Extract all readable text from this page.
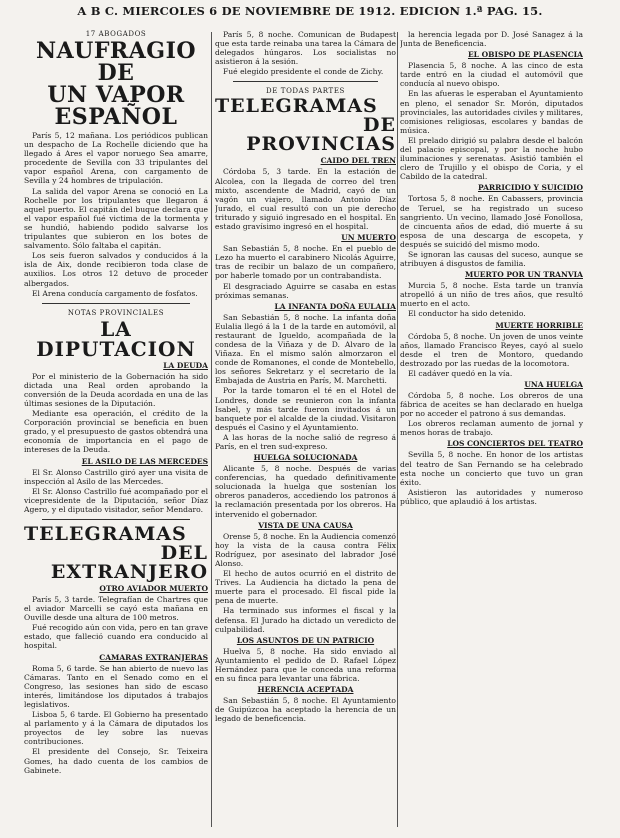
A B C. MIERCOLES 6 DE NOVIEMBRE DE 1912. EDICION 1.ª PAG. 15.
17 ABOGADOS
NAUFRAGIO DE
UN VAPOR ESPAÑOL
París 5, 12 mañana. Los periódicos publican un despacho de La Rochelle diciendo que ha llegado á Ares el vapor noruego Sea amarre, procedente de Sevilla con 33 tripulantes del vapor español Arena, con cargamento de Sevilla y 24 hombres de tripulación.
La salida del vapor Arena se conoció en La Rochelle por los tripulantes que llegaron á aquel puerto. El capitán del buque declara que el vapor español fué victima de la tormenta y se hundió, habiendo podido salvarse los tripulantes que subieron en los botes de salvamento. Sólo faltaba el capitán.
Los seis fueron salvados y conducidos á la isla de Aix, donde recibieron toda clase de auxilios. Los otros 12 detuvo de proceder albergados.
El Arena conducía cargamento de fosfatos.
NOTAS PROVINCIALES
LA DIPUTACION
LA DEUDA
Por el ministerio de la Gobernación ha sido dictada una Real orden aprobando la conversión de la Deuda acordada en una de las últimas sesiones de la Diputación.
Mediante esa operación, el crédito de la Corporación provincial se beneficia en buen grado, y el presupuesto de gastos obtendrá una economía de importancia en el pago de intereses de la Deuda.
EL ASILO DE LAS MERCEDES
El Sr. Alonso Castrillo giró ayer una visita de inspección al Asilo de las Mercedes.
El Sr. Alonso Castrillo fué acompañado por el vicepresidente de la Diputación, señor Díaz Agero, y el diputado visitador, señor Mendaro.
TELEGRAMAS
DEL EXTRANJERO
OTRO AVIADOR MUERTO
París 5, 3 tarde. Telegrafían de Chartres que el aviador Marcelli se cayó esta mañana en Ouville desde una altura de 100 metros.
Fué recogido aún con vida, pero en tan grave estado, que falleció cuando era conducido al hospital.
CAMARAS EXTRANJERAS
Roma 5, 6 tarde. Se han abierto de nuevo las Cámaras. Tanto en el Senado como en el Congreso, las sesiones han sido de escaso interés, limitándose los diputados á trabajos legislativos.
Lisboa 5, 6 tarde. El Gobierno ha presentado al parlamento y á la Cámara de diputados los proyectos de ley sobre las nuevas contribuciones.
El presidente del Consejo, Sr. Teixeira Gomes, ha dado cuenta de los cambios de Gabinete.
París 5, 8 noche. Comunican de Budapest que esta tarde reinaba una tarea la Cámara de delegados húngaros. Los socialistas no asistieron á la sesión.
Fué elegido presidente el conde de Zichy.
DE TODAS PARTES
TELEGRAMAS
DE PROVINCIAS
CAIDO DEL TREN
Córdoba 5, 3 tarde. En la estación de Alcolea, con la llegada de correo del tren mixto, ascendente de Madrid, cayó de un vagón un viajero, llamado Antonio Díaz Jurado, el cual resultó con un pie derecho triturado y siguió ingresado en el hospital. En estado gravísimo ingresó en el hospital.
UN MUERTO
San Sebastián 5, 8 noche. En el pueblo de Lezo ha muerto el carabinero Nicolás Aguirre, tras de recibir un balazo de un compañero, por haberle tomado por un contrabandista.
El desgraciado Aguirre se casaba en estas próximas semanas.
LA INFANTA DOÑA EULALIA
San Sebastián 5, 8 noche. La infanta doña Eulalia llegó á la 1 de la tarde en automóvil, al restaurant de Igueldo, acompañada de la condesa de la Viñaza y de D. Alvaro de la Viñaza. En el mismo salón almorzaron el conde de Romanones, el conde de Montebello, los señores Sekretarz y el secretario de la Embajada de Austria en París, M. Marchetti.
Por la tarde tomaron el té en el Hotel de Londres, donde se reunieron con la infanta Isabel, y más tarde fueron invitados á un banquete por el alcalde de la ciudad. Visitaron después el Casino y el Ayuntamiento.
A las horas de la noche salió de regreso á París, en el tren sud-expreso.
HUELGA SOLUCIONADA
Alicante 5, 8 noche. Después de varias conferencias, ha quedado definitivamente solucionada la huelga que sostenían los obreros panaderos, accediendo los patronos á la reclamación presentada por los obreros. Ha intervenido el gobernador.
VISTA DE UNA CAUSA
Orense 5, 8 noche. En la Audiencia comenzó hoy la vista de la causa contra Félix Rodríguez, por asesinato del labrador José Alonso.
El hecho de autos ocurrió en el distrito de Trives. La Audiencia ha dictado la pena de muerte para el procesado. El fiscal pide la pena de muerte.
Ha terminado sus informes el fiscal y la defensa. El Jurado ha dictado un veredicto de culpabilidad.
LOS ASUNTOS DE UN PATRICIO
Huelva 5, 8 noche. Ha sido enviado al Ayuntamiento el pedido de D. Rafael López Hernández para que le conceda una reforma en su finca para levantar una fábrica.
HERENCIA ACEPTADA
San Sebastián 5, 8 noche. El Ayuntamiento de Guipúzcoa ha aceptado la herencia de un legado de beneficencia.
la herencia legada por D. José Sanagez á la Junta de Beneficencia.
EL OBISPO DE PLASENCIA
Plasencia 5, 8 noche. A las cinco de esta tarde entró en la ciudad el automóvil que conducía al nuevo obispo.
En las afueras le esperaban el Ayuntamiento en pleno, el senador Sr. Morón, diputados provinciales, las autoridades civiles y militares, comisiones religiosas, escolares y bandas de música.
El prelado dirigió su palabra desde el balcón del palacio episcopal, y por la noche hubo iluminaciones y serenatas. Asistió también el clero de Trujillo y el obispo de Coria, y el Cabildo de la catedral.
PARRICIDIO Y SUICIDIO
Tortosa 5, 8 noche. En Cabassers, provincia de Teruel, se ha registrado un suceso sangriento. Un vecino, llamado José Fonollosa, de cincuenta años de edad, dió muerte á su esposa de una descarga de escopeta, y después se suicidó del mismo modo.
Se ignoran las causas del suceso, aunque se atribuyen á disgustos de familia.
MUERTO POR UN TRANVIA
Murcia 5, 8 noche. Esta tarde un tranvía atropelló á un niño de tres años, que resultó muerto en el acto.
El conductor ha sido detenido.
MUERTE HORRIBLE
Córdoba 5, 8 noche. Un joven de unos veinte años, llamado Francisco Reyes, cayó al suelo desde el tren de Montoro, quedando destrozado por las ruedas de la locomotora.
El cadáver quedó en la vía.
UNA HUELGA
Córdoba 5, 8 noche. Los obreros de una fábrica de aceites se han declarado en huelga por no acceder el patrono á sus demandas.
Los obreros reclaman aumento de jornal y menos horas de trabajo.
LOS CONCIERTOS DEL TEATRO
Sevilla 5, 8 noche. En honor de los artistas del teatro de San Fernando se ha celebrado esta noche un concierto que tuvo un gran éxito.
Asistieron las autoridades y numeroso público, que aplaudió á los artistas.
